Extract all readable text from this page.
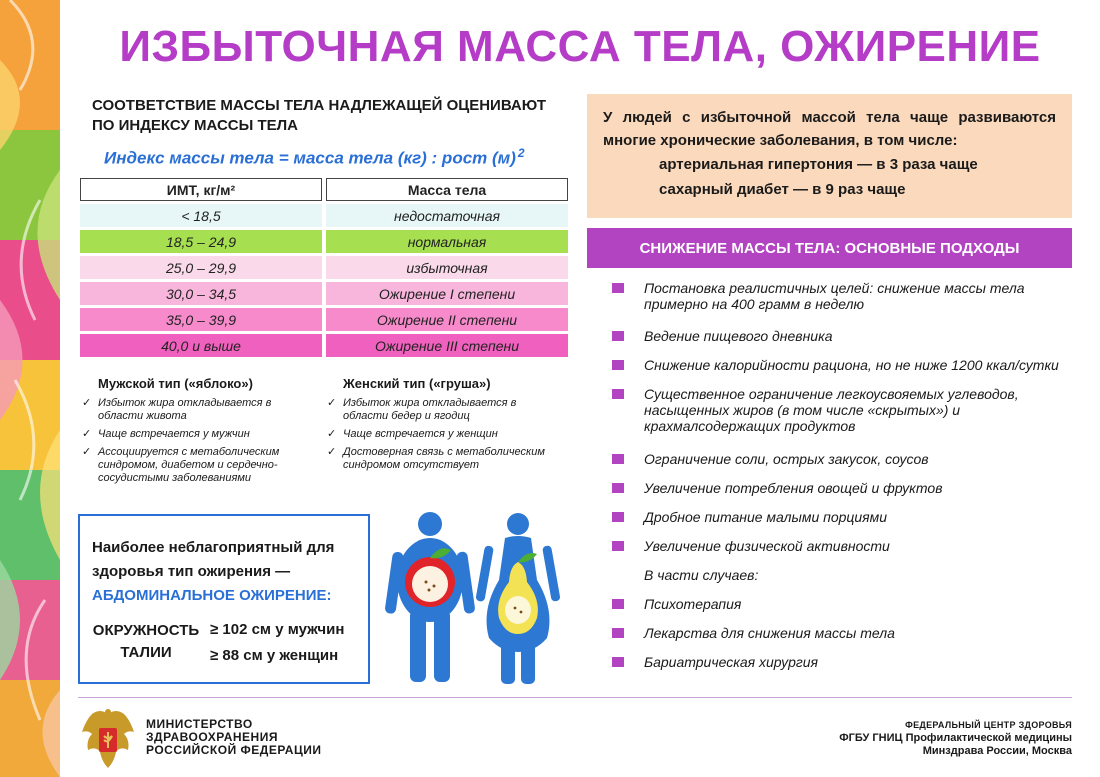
ИЗБЫТОЧНАЯ МАССА ТЕЛА, ОЖИРЕНИЕ
СООТВЕТСТВИЕ МАССЫ ТЕЛА НАДЛЕЖАЩЕЙ ОЦЕНИВАЮТ ПО ИНДЕКСУ МАССЫ ТЕЛА
Индекс массы тела = масса тела (кг) : рост (м) $^2$
ИМТ, кг/м²	Масса тела
< 18,5	недостаточная
18,5 – 24,9	нормальная
25,0 – 29,9	избыточная
30,0 – 34,5	Ожирение I степени
35,0 – 39,9	Ожирение II степени
40,0 и выше	Ожирение III степени
Мужской тип («яблоко»)
✓ Избыток жира откладывается в области живота
✓ Чаще встречается у мужчин
✓ Ассоциируется с метаболическим синдромом, диабетом и сердечно-сосудистыми заболеваниями
Женский тип («груша»)
✓ Избыток жира откладывается в области бедер и ягодиц
✓ Чаще встречается у женщин
✓ Достоверная связь с метаболическим синдромом отсутствует
Наиболее неблагоприятный для здоровья тип ожирения —
АБДОМИНАЛЬНОЕ ОЖИРЕНИЕ:
ОКРУЖНОСТЬ ТАЛИИ
≥ 102 см у мужчин
≥ 88 см у женщин
У людей с избыточной массой тела чаще развиваются многие хронические заболевания, в том числе:
артериальная гипертония — в 3 раза чаще
сахарный диабет — в 9 раз чаще
СНИЖЕНИЕ МАССЫ ТЕЛА: ОСНОВНЫЕ ПОДХОДЫ
Постановка реалистичных целей: снижение массы тела примерно на 400 грамм в неделю
Ведение пищевого дневника
Снижение калорийности рациона, но не ниже 1200 ккал/сутки
Существенное ограничение легкоусвояемых углеводов, насыщенных жиров (в том числе «скрытых») и крахмалсодержащих продуктов
Ограничение соли, острых закусок, соусов
Увеличение потребления овощей и фруктов
Дробное питание малыми порциями
Увеличение физической активности
В части случаев:
Психотерапия
Лекарства для снижения массы тела
Бариатрическая хирургия
МИНИСТЕРСТВО
ЗДРАВООХРАНЕНИЯ
РОССИЙСКОЙ ФЕДЕРАЦИИ
ФЕДЕРАЛЬНЫЙ ЦЕНТР ЗДОРОВЬЯ
ФГБУ ГНИЦ Профилактической медицины
Минздрава России, Москва
